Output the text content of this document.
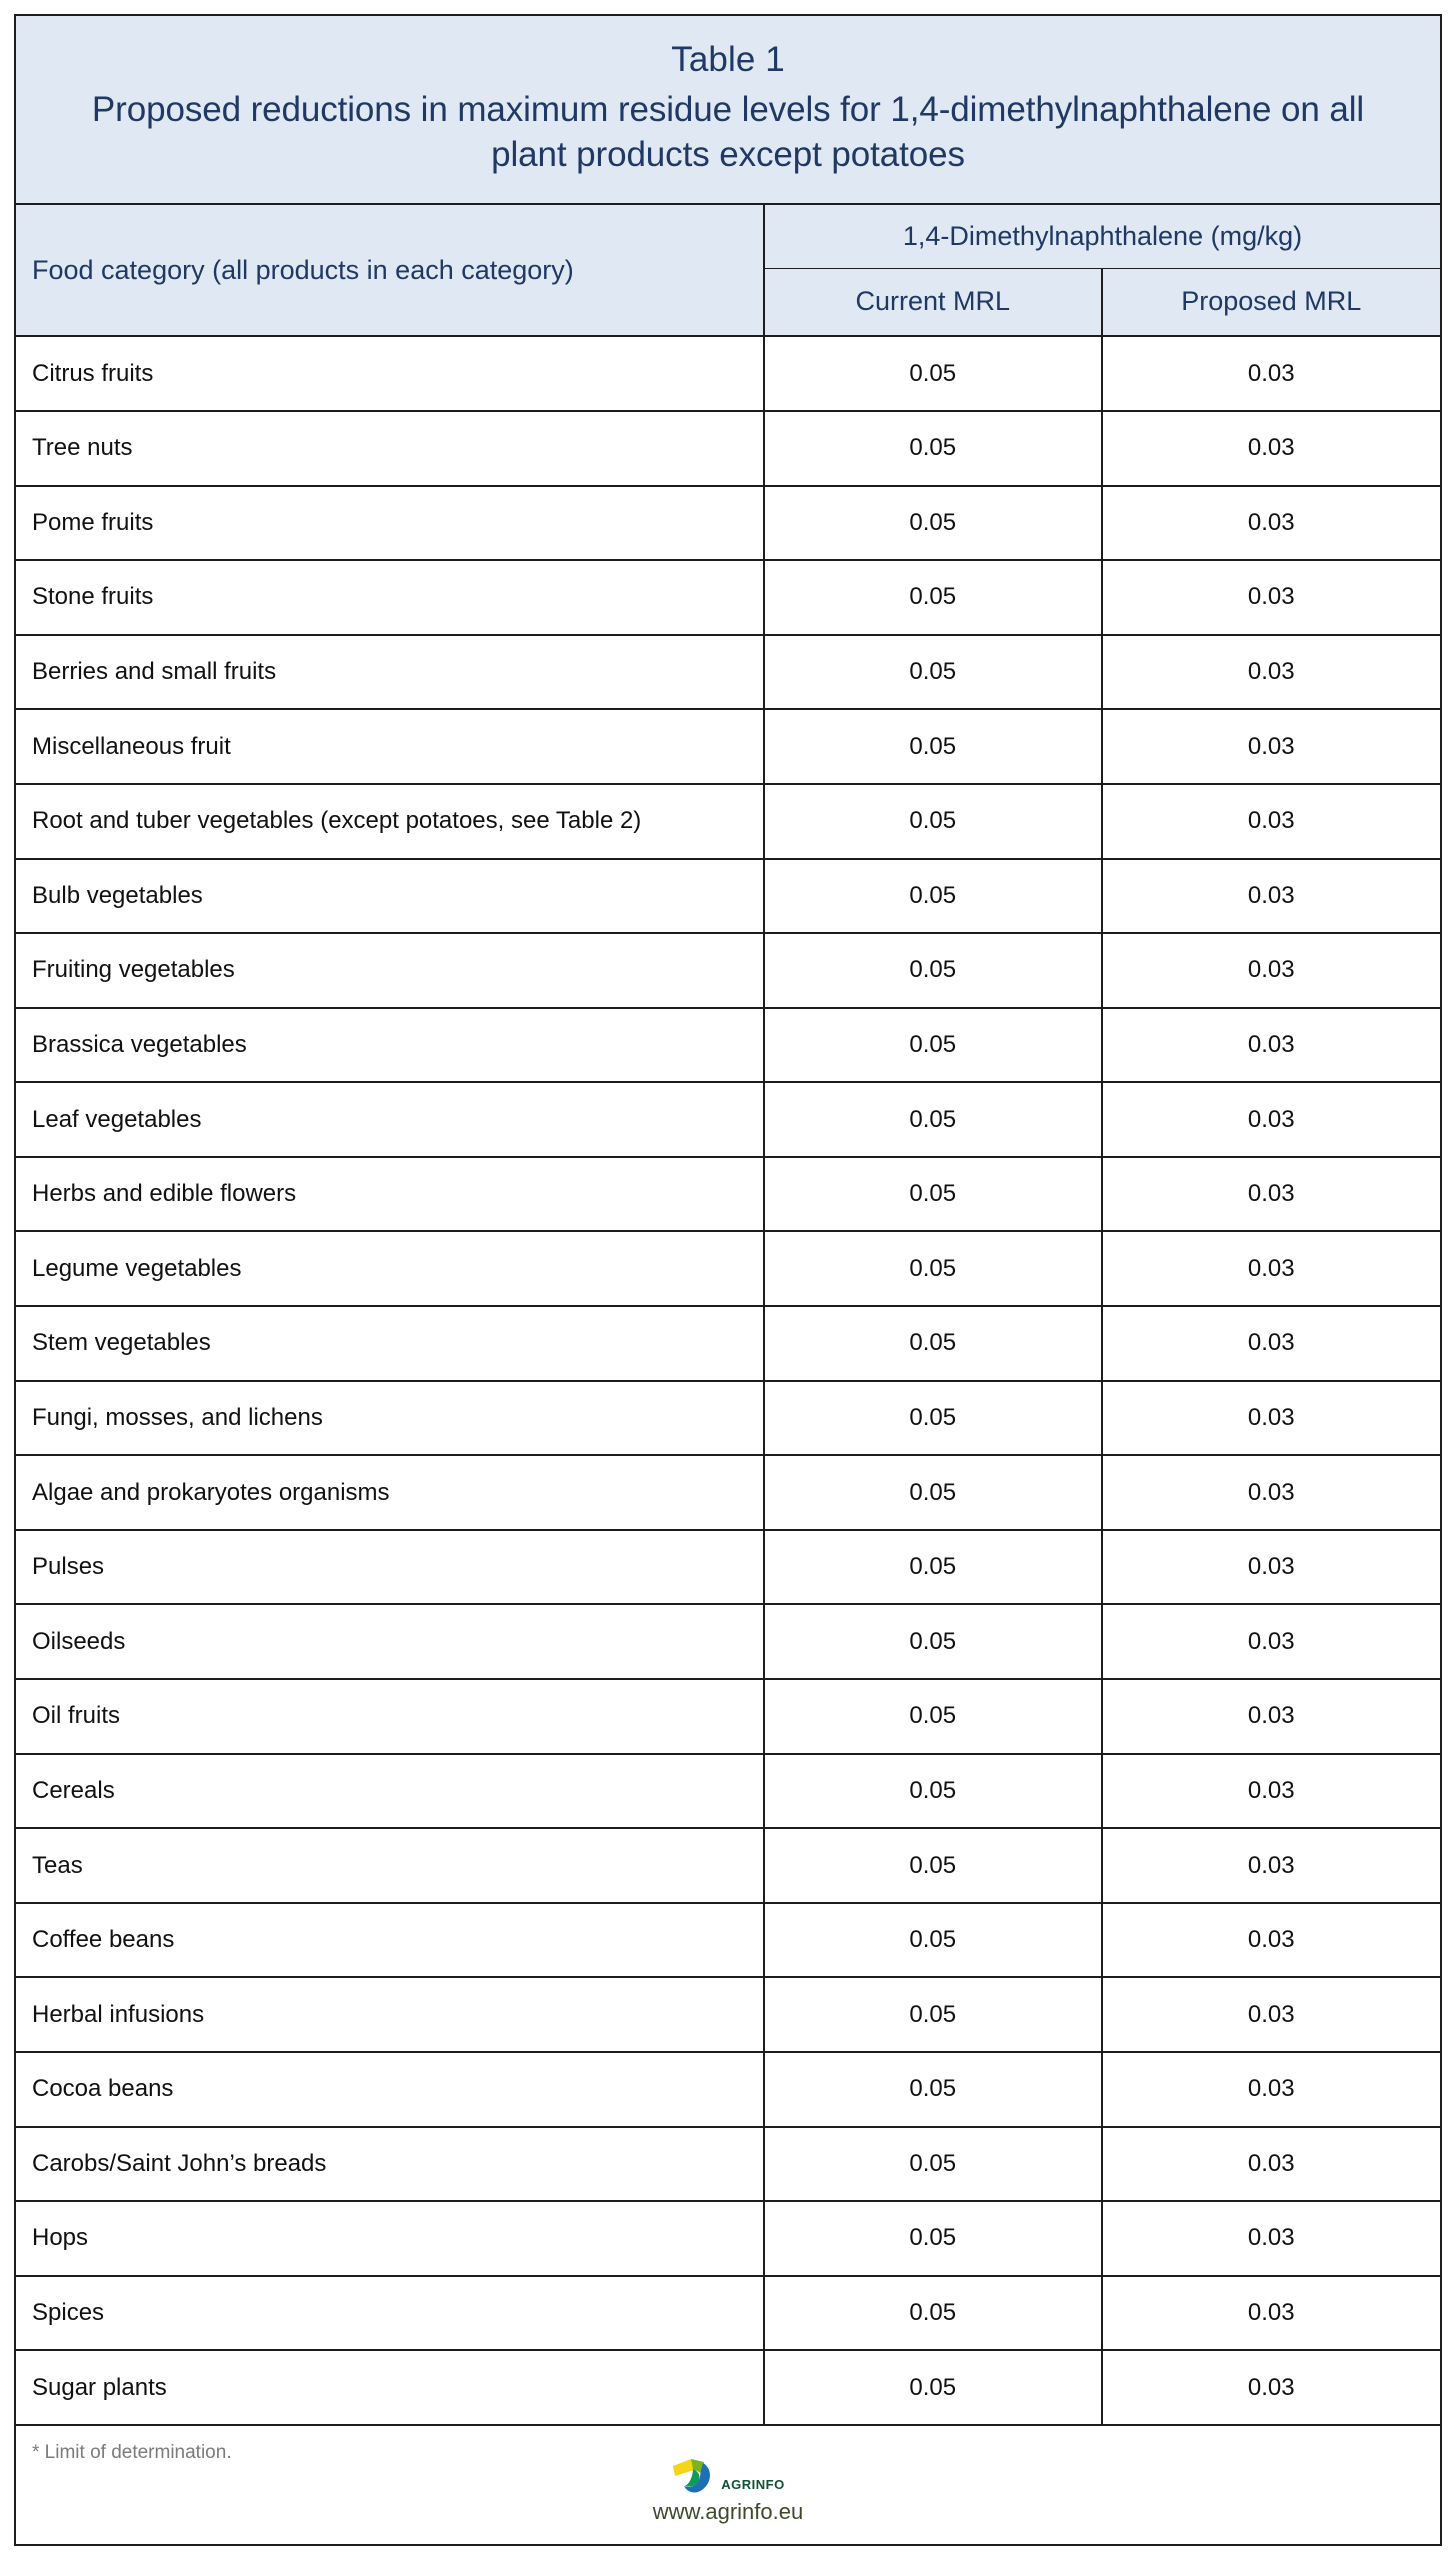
Table 1
Proposed reductions in maximum residue levels for 1,4-dimethylnaphthalene on all plant products except potatoes
Food category (all products in each category)
1,4-Dimethylnaphthalene (mg/kg)
Current MRL	Proposed MRL
Citrus fruits	0.05	0.03
Tree nuts	0.05	0.03
Pome fruits	0.05	0.03
Stone fruits	0.05	0.03
Berries and small fruits	0.05	0.03
Miscellaneous fruit	0.05	0.03
Root and tuber vegetables (except potatoes, see Table 2)	0.05	0.03
Bulb vegetables	0.05	0.03
Fruiting vegetables	0.05	0.03
Brassica vegetables	0.05	0.03
Leaf vegetables	0.05	0.03
Herbs and edible flowers	0.05	0.03
Legume vegetables	0.05	0.03
Stem vegetables	0.05	0.03
Fungi, mosses, and lichens	0.05	0.03
Algae and prokaryotes organisms	0.05	0.03
Pulses	0.05	0.03
Oilseeds	0.05	0.03
Oil fruits	0.05	0.03
Cereals	0.05	0.03
Teas	0.05	0.03
Coffee beans	0.05	0.03
Herbal infusions	0.05	0.03
Cocoa beans	0.05	0.03
Carobs/Saint John’s breads	0.05	0.03
Hops	0.05	0.03
Spices	0.05	0.03
Sugar plants	0.05	0.03
* Limit of determination.
AGRINFO
www.agrinfo.eu
